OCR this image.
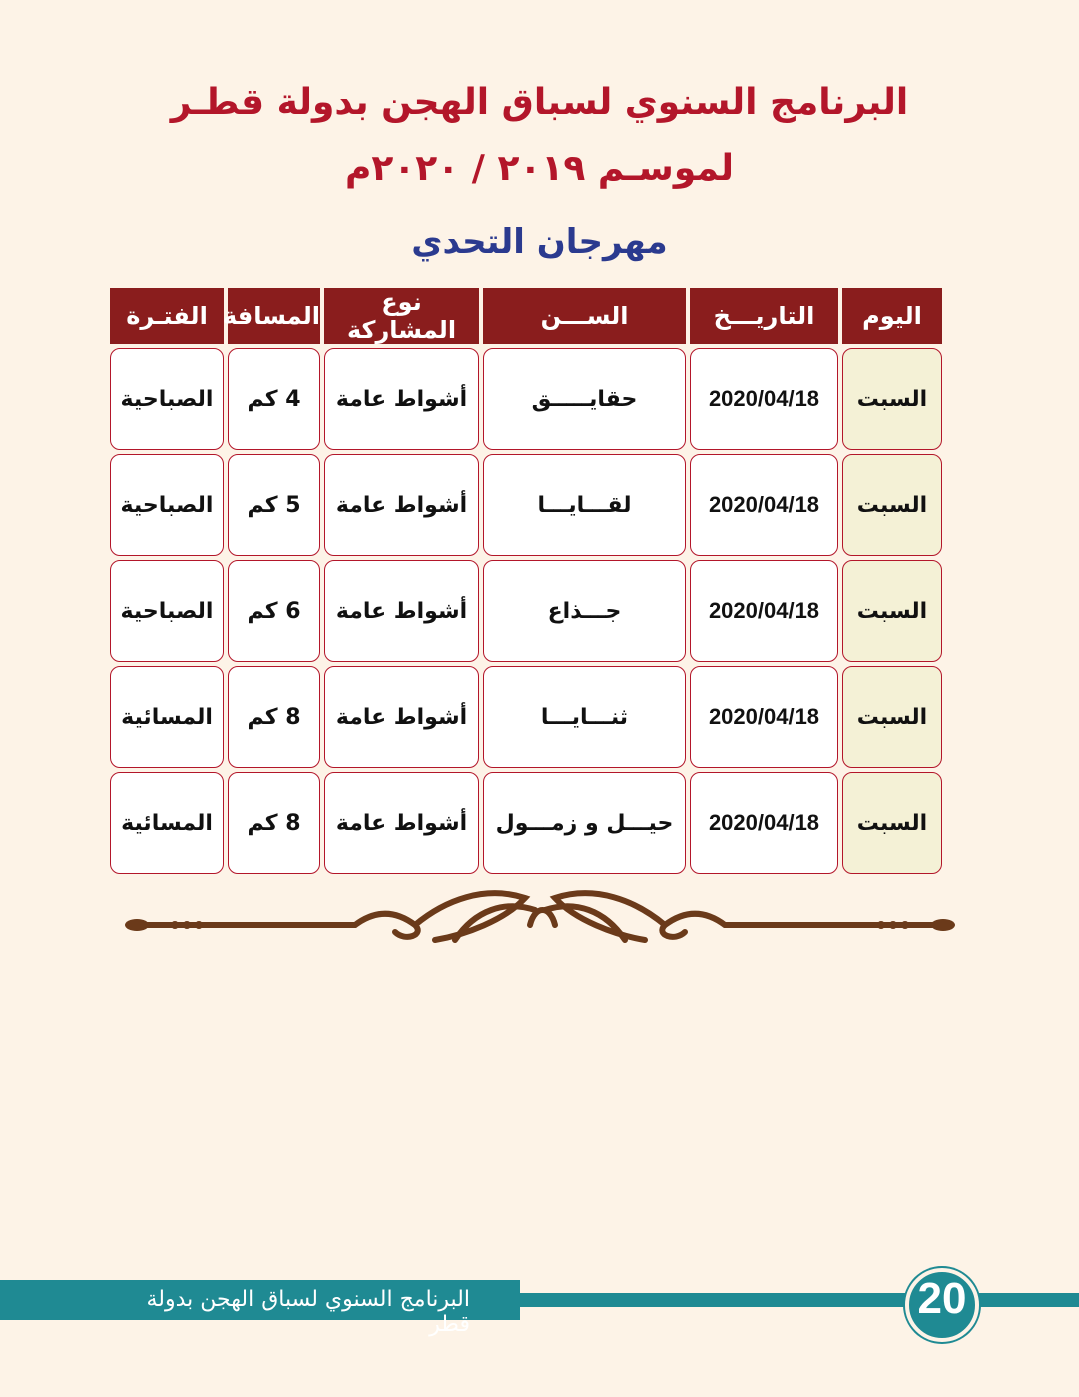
البرنامج السنوي لسباق الهجن بدولة قطـر
لموسـم ٢٠١٩ / ٢٠٢٠م
مهرجان التحدي
اليوم	التاريـــخ	الســـن	نوع المشاركة	المسافة	الفتـرة
السبت	2020/04/18	حقايـــــق	أشواط عامة	4 كم	الصباحية
السبت	2020/04/18	لقـــايـــا	أشواط عامة	5 كم	الصباحية
السبت	2020/04/18	جـــذاع	أشواط عامة	6 كم	الصباحية
السبت	2020/04/18	ثنـــايـــا	أشواط عامة	8 كم	المسائية
السبت	2020/04/18	حيـــل و زمـــول	أشواط عامة	8 كم	المسائية
البرنامج السنوي لسباق الهجن بدولة قطر
20
